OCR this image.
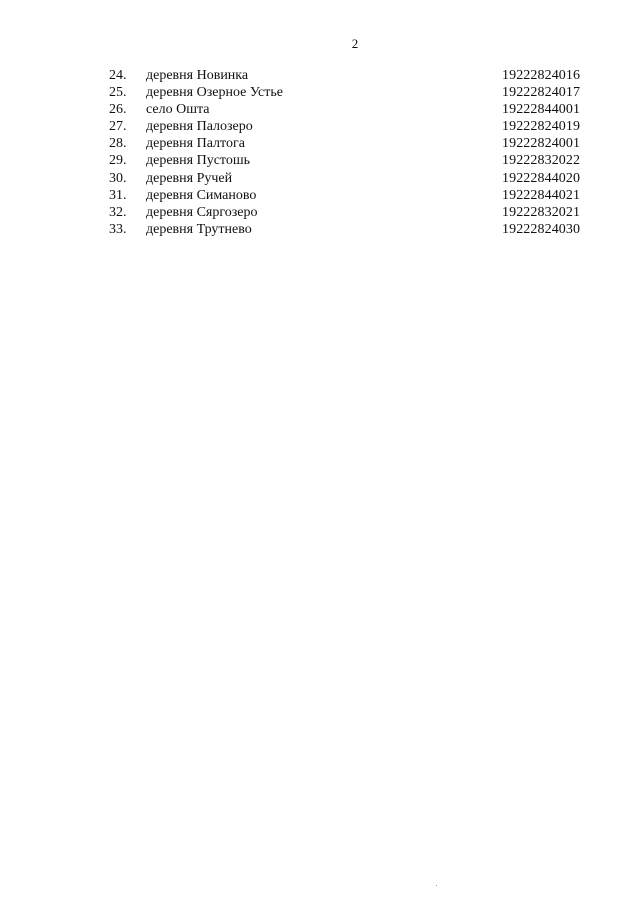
2
24. деревня Новинка	19222824016
25. деревня Озерное Устье	19222824017
26. село Ошта	19222844001
27. деревня Палозеро	19222824019
28. деревня Палтога	19222824001
29. деревня Пустошь	19222832022
30. деревня Ручей	19222844020
31. деревня Симаново	19222844021
32. деревня Сяргозеро	19222832021
33. деревня Трутнево	19222824030
